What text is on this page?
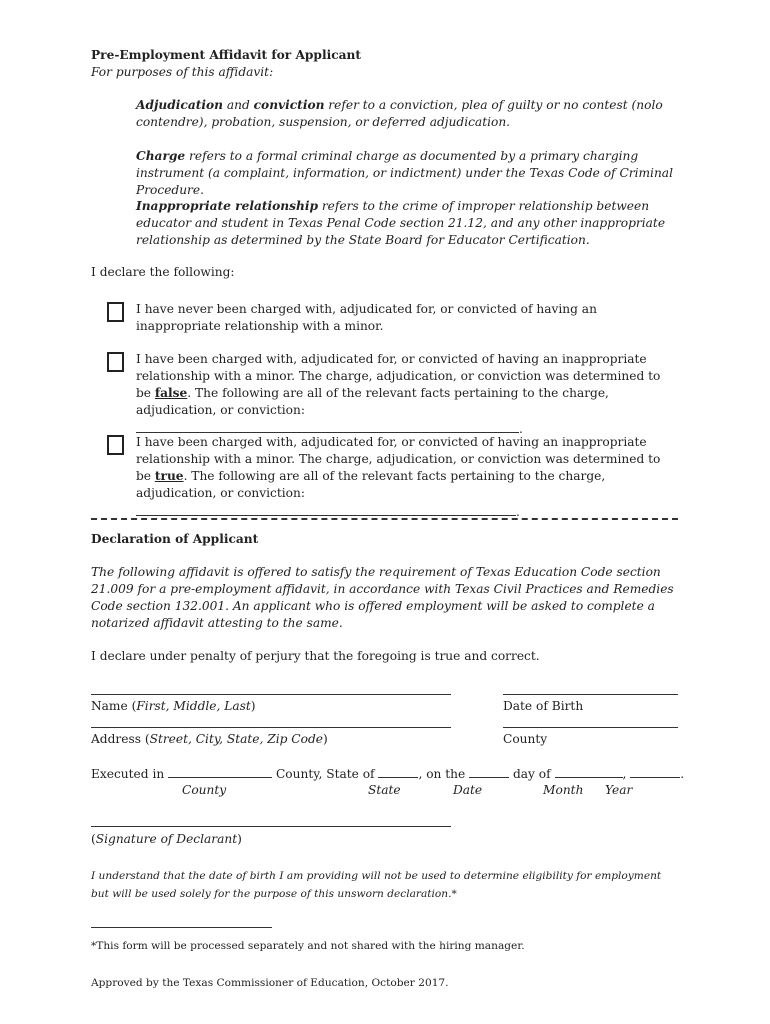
Pre-Employment Affidavit for Applicant
For purposes of this affidavit:

Adjudication and conviction refer to a conviction, plea of guilty or no contest (nolo contendre), probation, suspension, or deferred adjudication.

Charge refers to a formal criminal charge as documented by a primary charging instrument (a complaint, information, or indictment) under the Texas Code of Criminal Procedure.

Inappropriate relationship refers to the crime of improper relationship between educator and student in Texas Penal Code section 21.12, and any other inappropriate relationship as determined by the State Board for Educator Certification.

I declare the following:
I have never been charged with, adjudicated for, or convicted of having an inappropriate relationship with a minor.
I have been charged with, adjudicated for, or convicted of having an inappropriate relationship with a minor. The charge, adjudication, or conviction was determined to be false. The following are all of the relevant facts pertaining to the charge, adjudication, or conviction: .
I have been charged with, adjudicated for, or convicted of having an inappropriate relationship with a minor. The charge, adjudication, or conviction was determined to be true. The following are all of the relevant facts pertaining to the charge, adjudication, or conviction: .
Declaration of Applicant
The following affidavit is offered to satisfy the requirement of Texas Education Code section 21.009 for a pre-employment affidavit, in accordance with Texas Civil Practices and Remedies Code section 132.001. An applicant who is offered employment will be asked to complete a notarized affidavit attesting to the same.
I declare under penalty of perjury that the foregoing is true and correct.
Name (First, Middle, Last)	Date of Birth
Address (Street, City, State, Zip Code)	County
Executed in	County, State of	, on the	day of	,	.
County	State	Date	Month Year
(Signature of Declarant)
I understand that the date of birth I am providing will not be used to determine eligibility for employment but will be used solely for the purpose of this unsworn declaration.*
*This form will be processed separately and not shared with the hiring manager.
Approved by the Texas Commissioner of Education, October 2017.
